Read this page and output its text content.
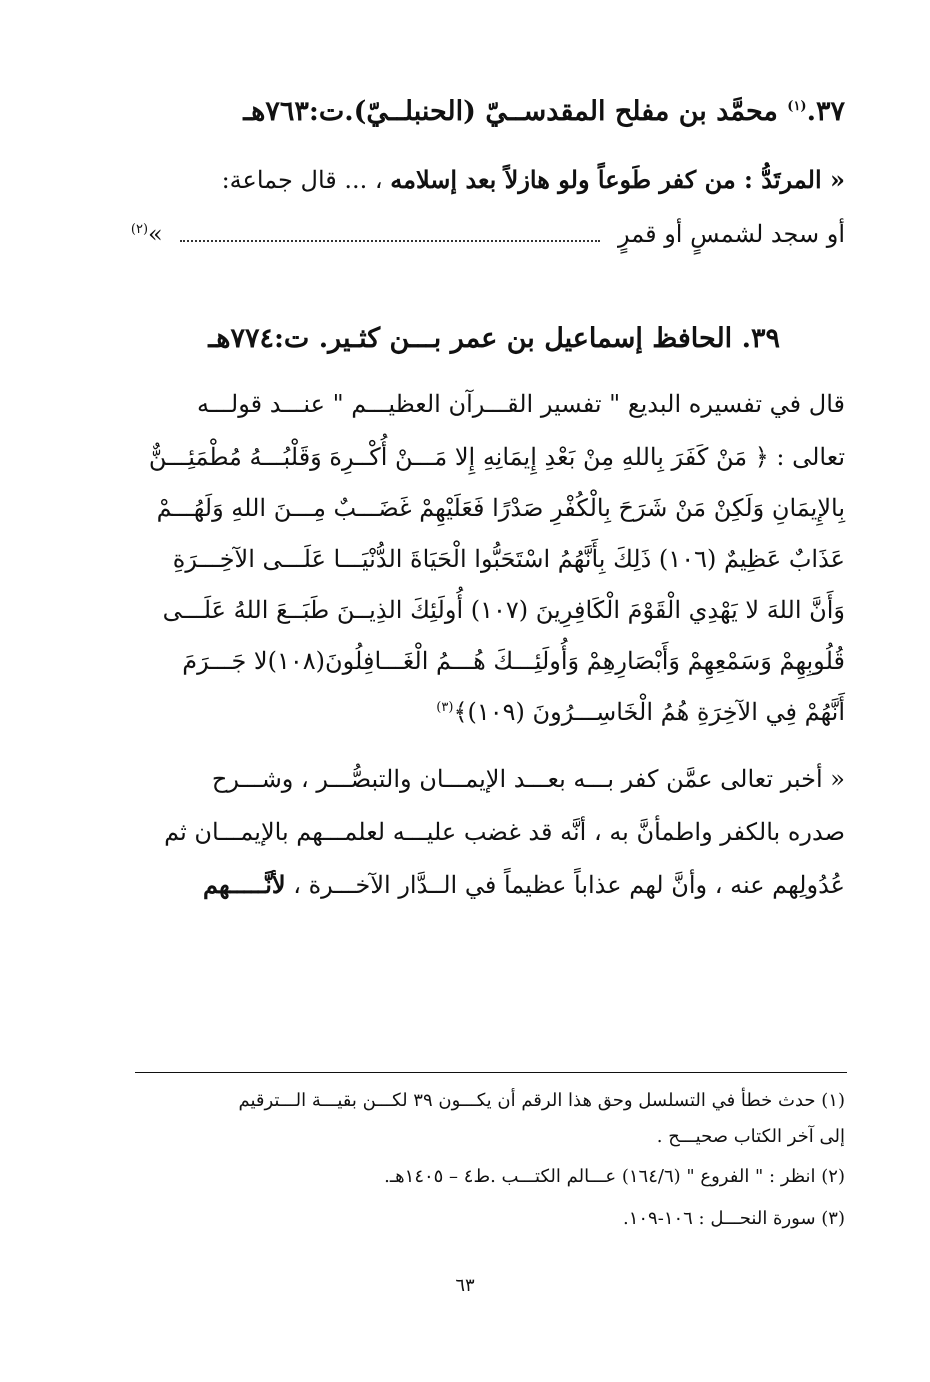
٣٧.$^{(١)}$ محمَّد بن مفلح المقدســيّ (الحنبلــيّ).ت:٧٦٣هـ
« المرتَدُّ : من كفر طَوعاً ولو هازلاً بعد إسلامه ، ... قال جماعة:
أو سجد لشمسٍ أو قمرٍ  »$^{(٢)}$
٣٩. الحافظ إسماعيل بن عمر بـــن كثـير. ت:٧٧٤هـ
قال في تفسيره البديع " تفسير القـــرآن العظيـــم " عنـــد قولـــه
تعالى : ﴿ مَنْ كَفَرَ بِاللهِ مِنْ بَعْدِ إِيمَانِهِ إِلا مَـــنْ أُكْــرِهَ وَقَلْبُـــهُ مُطْمَئِـــنٌّ
بِالإِيمَانِ وَلَكِنْ مَنْ شَرَحَ بِالْكُفْرِ صَدْرًا فَعَلَيْهِمْ غَضَـــبٌ مِـــنَ اللهِ وَلَهُـــمْ
عَذَابٌ عَظِيمٌ (١٠٦) ذَلِكَ بِأَنَّهُمُ اسْتَحَبُّوا الْحَيَاةَ الدُّنْيَـــا عَلَـــى الآخِـــرَةِ
وَأَنَّ اللهَ لا يَهْدِي الْقَوْمَ الْكَافِرِينَ (١٠٧) أُولَئِكَ الذِيــنَ طَبَــعَ اللهُ عَلَـــى
قُلُوبِهِمْ وَسَمْعِهِمْ وَأَبْصَارِهِمْ وَأُولَئِـــكَ هُـــمُ الْغَـــافِلُونَ(١٠٨)لا جَـــرَمَ
أَنَّهُمْ فِي الآخِرَةِ هُمُ الْخَاسِـــرُونَ (١٠٩)﴾$^{(٣)}$
« أخبر تعالى عمَّن كفر بـــه بعـــد الإيمـــان والتبصُّـــر ، وشـــرح
صدره بالكفر واطمأنَّ به ، أنَّه قد غضب عليـــه لعلمـــهم بالإيمـــان ثم
عُدُولِهم عنه ، وأنَّ لهم عذاباً عظيماً في الــدَّار الآخـــرة ، لأنَّـــــهم
(١) حدث خطأ في التسلسل وحق هذا الرقم أن يكـــون ٣٩ لكـــن بقيـــة الـــترقيم
إلى آخر الكتاب صحيـــح .
(٢) انظر : " الفروع " (١٦٤/٦) عـــالم الكتـــب .ط٤ – ١٤٠٥هـ.
(٣) سورة النحـــل : ١٠٦-١٠٩.
٦٣
